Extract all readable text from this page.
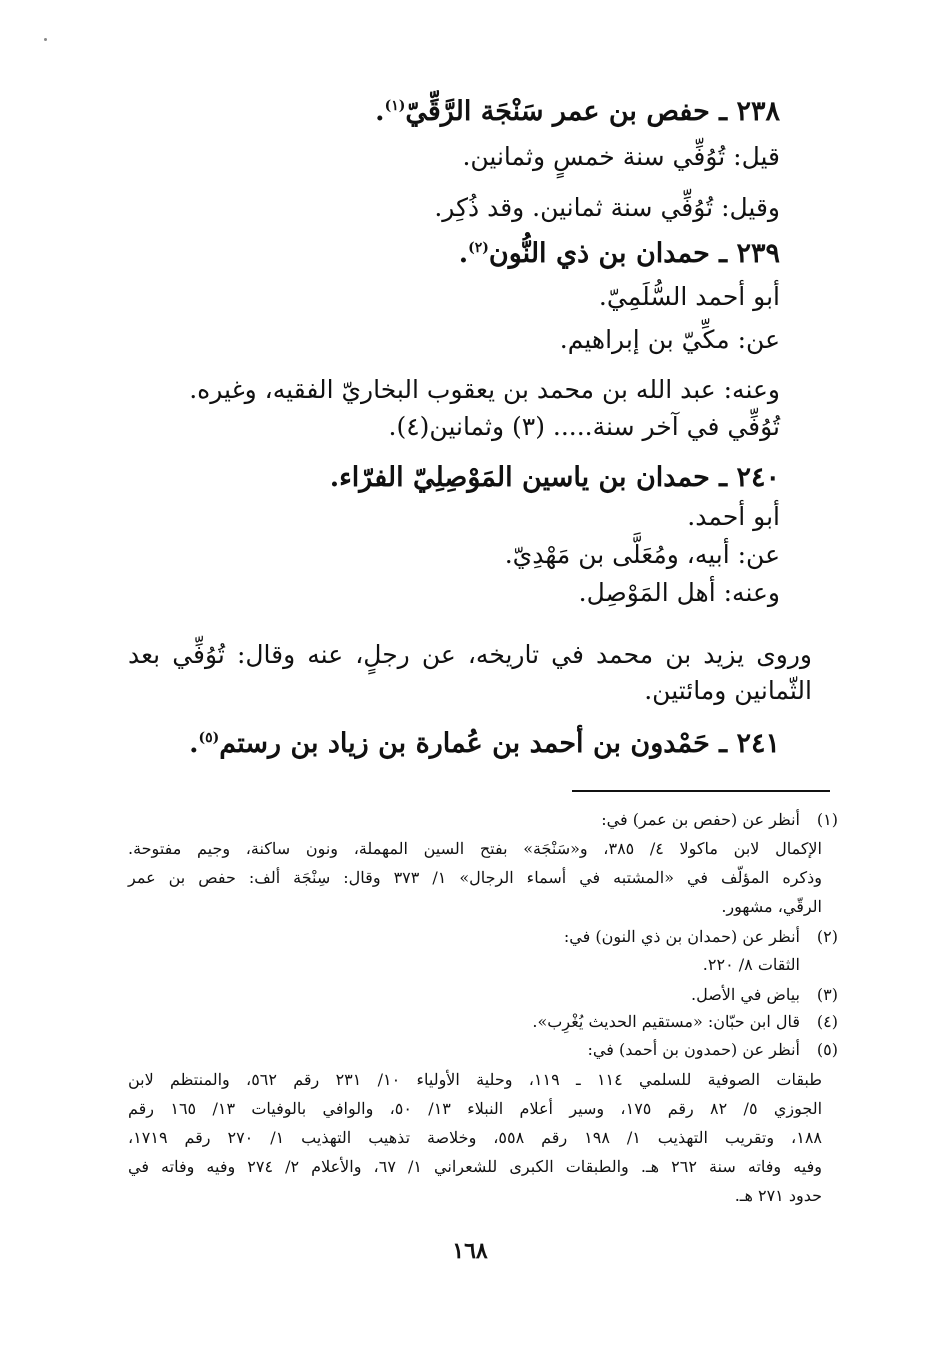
٢٣٨ ـ حفص بن عمر سَنْجَة الرَّقِّيّ$^{(١)}$.
قيل: تُوُفِّي سنة خمسٍ وثمانين.
وقيل: تُوُفِّي سنة ثمانين. وقد ذُكِر.
٢٣٩ ـ حمدان بن ذي النُّون$^{(٢)}$.
أبو أحمد السُّلَمِيّ.
عن: مكِّيّ بن إبراهيم.
وعنه: عبد الله بن محمد بن يعقوب البخاريّ الفقيه، وغيره.
تُوُفِّي في آخر سنة..... (٣) وثمانين(٤).
٢٤٠ ـ حمدان بن ياسين المَوْصِلِيّ الفرّاء.
أبو أحمد.
عن: أبيه، ومُعَلَّى بن مَهْدِيّ.
وعنه: أهل المَوْصِل.
وروى يزيد بن محمد في تاريخه، عن رجلٍ، عنه وقال: تُوُفِّي بعد
الثّمانين ومائتين.
٢٤١ ـ حَمْدون بن أحمد بن عُمارة بن زياد بن رستم$^{(٥)}$.
(١)أنظر عن (حفص بن عمر) في:
الإكمال لابن ماكولا ٤/ ٣٨٥، و«سَنْجَة» بفتح السين المهملة، ونون ساكنة، وجيم مفتوحة.
وذكره المؤلّف في «المشتبه في أسماء الرجال» ١/ ٣٧٣ وقال: سِنْجَة ألف: حفص بن عمر
الرقّي، مشهور.
(٢)أنظر عن (حمدان بن ذي النون) في:
الثقات ٨/ ٢٢٠.
(٣)بياض في الأصل.
(٤)قال ابن حبّان: «مستقيم الحديث يُغْرِب».
(٥)أنظر عن (حمدون بن أحمد) في:
طبقات الصوفية للسلمي ١١٤ ـ ١١٩، وحلية الأولياء ١٠/ ٢٣١ رقم ٥٦٢، والمنتظم لابن
الجوزي ٥/ ٨٢ رقم ١٧٥، وسير أعلام النبلاء ١٣/ ٥٠، والوافي بالوفيات ١٣/ ١٦٥ رقم
١٨٨، وتقريب التهذيب ١/ ١٩٨ رقم ٥٥٨، وخلاصة تذهيب التهذيب ١/ ٢٧٠ رقم ١٧١٩،
وفيه وفاته سنة ٢٦٢ هـ. والطبقات الكبرى للشعراني ١/ ٦٧، والأعلام ٢/ ٢٧٤ وفيه وفاته في
حدود ٢٧١ هـ.
١٦٨
